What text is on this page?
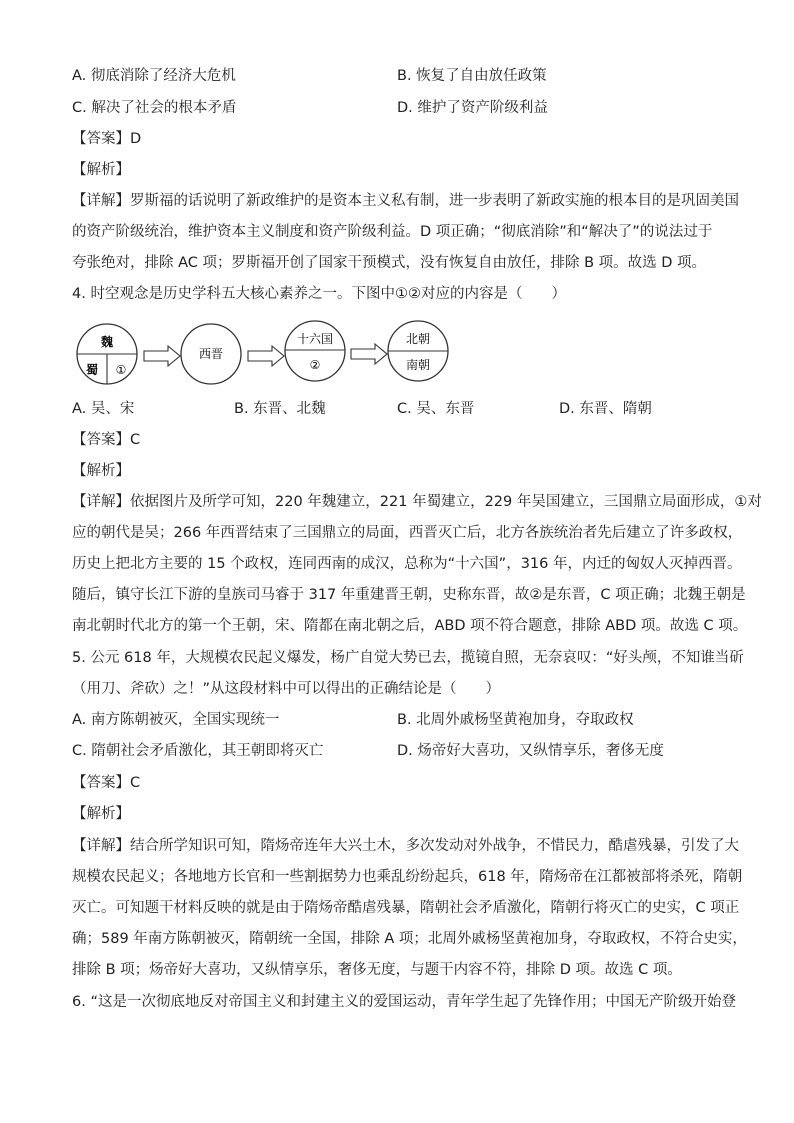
A. 彻底消除了经济大危机	B. 恢复了自由放任政策
C. 解决了社会的根本矛盾	D. 维护了资产阶级利益
【答案】D
【解析】
【详解】罗斯福的话说明了新政维护的是资本主义私有制，进一步表明了新政实施的根本目的是巩固美国
的资产阶级统治，维护资本主义制度和资产阶级利益。D 项正确；“彻底消除”和“解决了”的说法过于
夸张绝对，排除 AC 项；罗斯福开创了国家干预模式，没有恢复自由放任，排除 B 项。故选 D 项。
4. 时空观念是历史学科五大核心素养之一。下图中①②对应的内容是（　　）
魏
蜀 ①
西晋
十六国
②
北朝
南朝
A. 吴、宋	B. 东晋、北魏	C. 吴、东晋	D. 东晋、隋朝
【答案】C
【解析】
【详解】依据图片及所学可知，220 年魏建立，221 年蜀建立，229 年吴国建立，三国鼎立局面形成，①对
应的朝代是吴；266 年西晋结束了三国鼎立的局面，西晋灭亡后，北方各族统治者先后建立了许多政权，
历史上把北方主要的 15 个政权，连同西南的成汉，总称为“十六国”，316 年，内迁的匈奴人灭掉西晋。
随后，镇守长江下游的皇族司马睿于 317 年重建晋王朝，史称东晋，故②是东晋，C 项正确；北魏王朝是
南北朝时代北方的第一个王朝，宋、隋都在南北朝之后，ABD 项不符合题意，排除 ABD 项。故选 C 项。
5. 公元 618 年，大规模农民起义爆发，杨广自觉大势已去，揽镜自照，无奈哀叹：“好头颅，不知谁当斫
（用刀、斧砍）之！”从这段材料中可以得出的正确结论是（　　）
A. 南方陈朝被灭，全国实现统一	B. 北周外戚杨坚黄袍加身，夺取政权
C. 隋朝社会矛盾激化，其王朝即将灭亡	D. 炀帝好大喜功，又纵情享乐，奢侈无度
【答案】C
【解析】
【详解】结合所学知识可知，隋炀帝连年大兴土木，多次发动对外战争，不惜民力，酷虐残暴，引发了大
规模农民起义；各地地方长官和一些割据势力也乘乱纷纷起兵，618 年，隋炀帝在江都被部将杀死，隋朝
灭亡。可知题干材料反映的就是由于隋炀帝酷虐残暴，隋朝社会矛盾激化，隋朝行将灭亡的史实，C 项正
确；589 年南方陈朝被灭，隋朝统一全国，排除 A 项；北周外戚杨坚黄袍加身，夺取政权，不符合史实，
排除 B 项；炀帝好大喜功，又纵情享乐，奢侈无度，与题干内容不符，排除 D 项。故选 C 项。
6. “这是一次彻底地反对帝国主义和封建主义的爱国运动，青年学生起了先锋作用；中国无产阶级开始登
